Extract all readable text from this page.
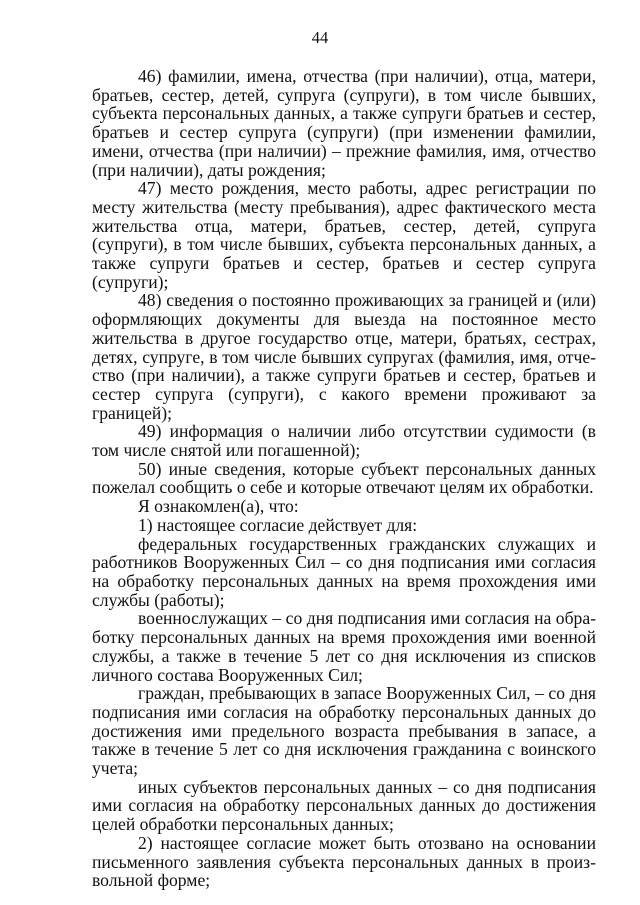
44

46) фамилии, имена, отчества (при наличии), отца, матери, братьев, сестер, детей, супруга (супруги), в том числе бывших, субъекта персональных данных, а также супруги братьев и сестер, братьев и сестер супруга (супруги) (при изменении фамилии, имени, отчества (при наличии) – прежние фамилия, имя, отчество (при наличии), даты рождения;

47) место рождения, место работы, адрес регистрации по месту жительства (месту пребывания), адрес фактического места жительства отца, матери, братьев, сестер, детей, супруга (супруги), в том числе бывших, субъекта персональных данных, а также супруги братьев и сестер, братьев и сестер супруга (супруги);

48) сведения о постоянно проживающих за границей и (или) оформляющих документы для выезда на постоянное место жительства в другое государство отце, матери, братьях, сестрах, детях, супруге, в том числе бывших супругах (фамилия, имя, отчество (при наличии), а также супруги братьев и сестер, братьев и сестер супруга (супруги), с какого времени проживают за границей);

49) информация о наличии либо отсутствии судимости (в том числе снятой или погашенной);

50) иные сведения, которые субъект персональных данных пожелал сообщить о себе и которые отвечают целям их обработки.

Я ознакомлен(а), что:

1) настоящее согласие действует для:

федеральных государственных гражданских служащих и работников Вооруженных Сил – со дня подписания ими согласия на обработку персональных данных на время прохождения ими службы (работы);

военнослужащих – со дня подписания ими согласия на обработку персональных данных на время прохождения ими военной службы, а также в течение 5 лет со дня исключения из списков личного состава Вооруженных Сил;

граждан, пребывающих в запасе Вооруженных Сил, – со дня подписания ими согласия на обработку персональных данных до достижения ими предельного возраста пребывания в запасе, а также в течение 5 лет со дня исключения гражданина с воинского учета;

иных субъектов персональных данных – со дня подписания ими согласия на обработку персональных данных до достижения целей обработки персональных данных;

2) настоящее согласие может быть отозвано на основании письменного заявления субъекта персональных данных в произвольной форме;
